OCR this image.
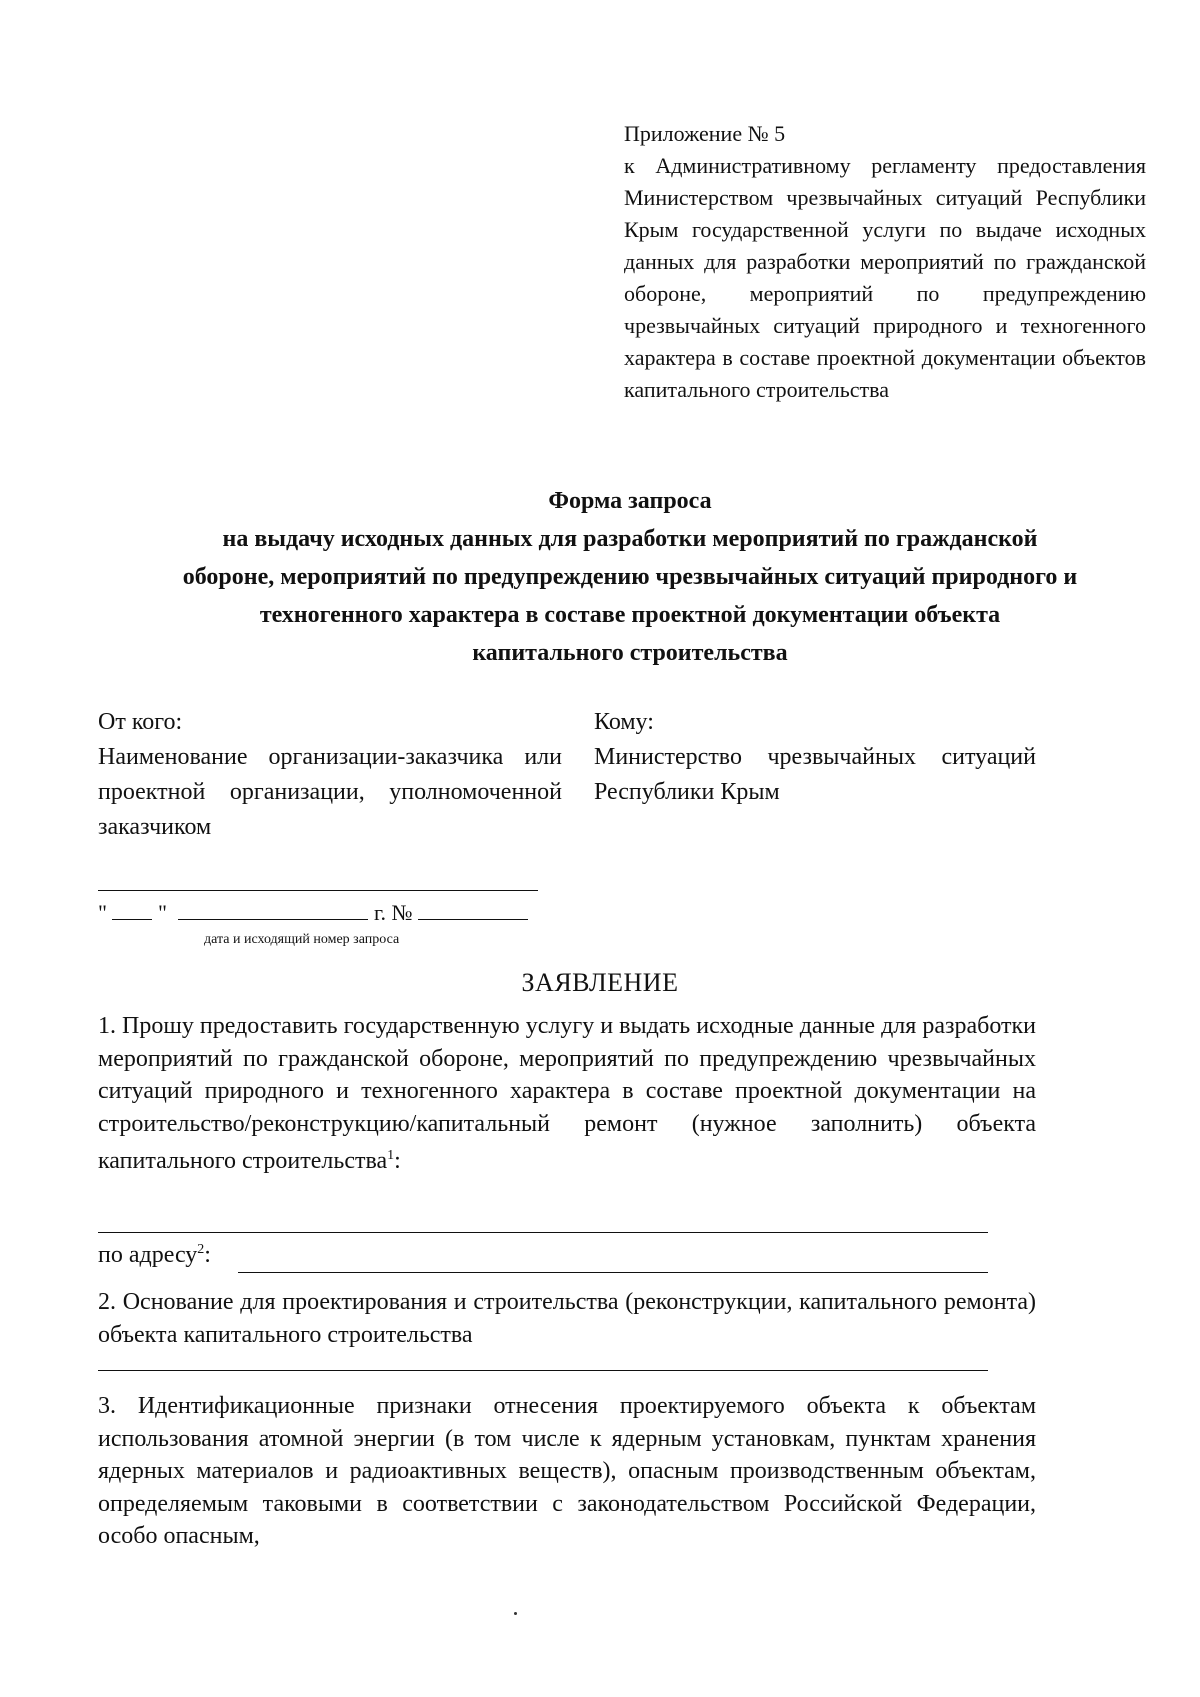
Приложение № 5
к Административному регламенту предоставления Министерством чрезвычайных ситуаций Республики Крым государственной услуги по выдаче исходных данных для разработки мероприятий по гражданской обороне, мероприятий по предупреждению чрезвычайных ситуаций природного и техногенного характера в составе проектной документации объектов капитального строительства
Форма запроса
на выдачу исходных данных для разработки мероприятий по гражданской
обороне, мероприятий по предупреждению чрезвычайных ситуаций природного и
техногенного характера в составе проектной документации объекта
капитального строительства
От кого:
Наименование организации-заказчика или проектной организации, уполномоченной заказчиком
Кому:
Министерство чрезвычайных ситуаций Республики Крым
" "	г. №
дата и исходящий номер запроса
ЗАЯВЛЕНИЕ
1. Прошу предоставить государственную услугу и выдать исходные данные для разработки мероприятий по гражданской обороне, мероприятий по предупреждению чрезвычайных ситуаций природного и техногенного характера в составе проектной документации на строительство/реконструкцию/капитальный ремонт (нужное заполнить) объекта капитального строительства$^1$:
по адресу$^2$:
2. Основание для проектирования и строительства (реконструкции, капитального ремонта) объекта капитального строительства
3. Идентификационные признаки отнесения проектируемого объекта к объектам использования атомной энергии (в том числе к ядерным установкам, пунктам хранения ядерных материалов и радиоактивных веществ), опасным производственным объектам, определяемым таковыми в соответствии с законодательством Российской Федерации, особо опасным,
